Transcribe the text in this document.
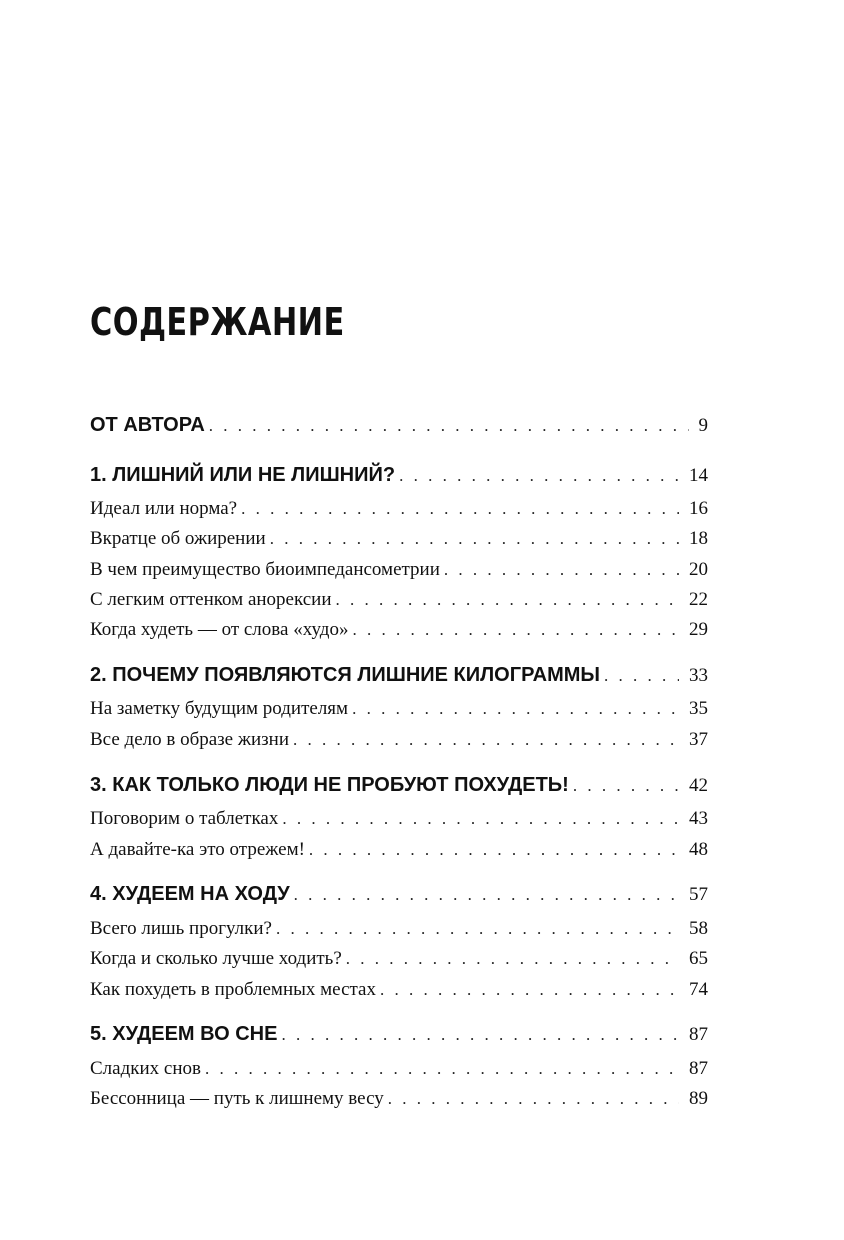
СОДЕРЖАНИЕ
ОТ АВТОРА . . .	9
1. ЛИШНИЙ ИЛИ НЕ ЛИШНИЙ? . . .	14
Идеал или норма? . . .	16
Вкратце об ожирении . . .	18
В чем преимущество биоимпедансометрии . . .	20
С легким оттенком анорексии . . .	22
Когда худеть — от слова «худо» . . .	29
2. ПОЧЕМУ ПОЯВЛЯЮТСЯ ЛИШНИЕ КИЛОГРАММЫ . . .	33
На заметку будущим родителям . . .	35
Все дело в образе жизни . . .	37
3. КАК ТОЛЬКО ЛЮДИ НЕ ПРОБУЮТ ПОХУДЕТЬ! . . .	42
Поговорим о таблетках . . .	43
А давайте-ка это отрежем! . . .	48
4. ХУДЕЕМ НА ХОДУ . . .	57
Всего лишь прогулки? . . .	58
Когда и сколько лучше ходить? . . .	65
Как похудеть в проблемных местах . . .	74
5. ХУДЕЕМ ВО СНЕ . . .	87
Сладких снов . . .	87
Бессонница — путь к лишнему весу . . .	89
